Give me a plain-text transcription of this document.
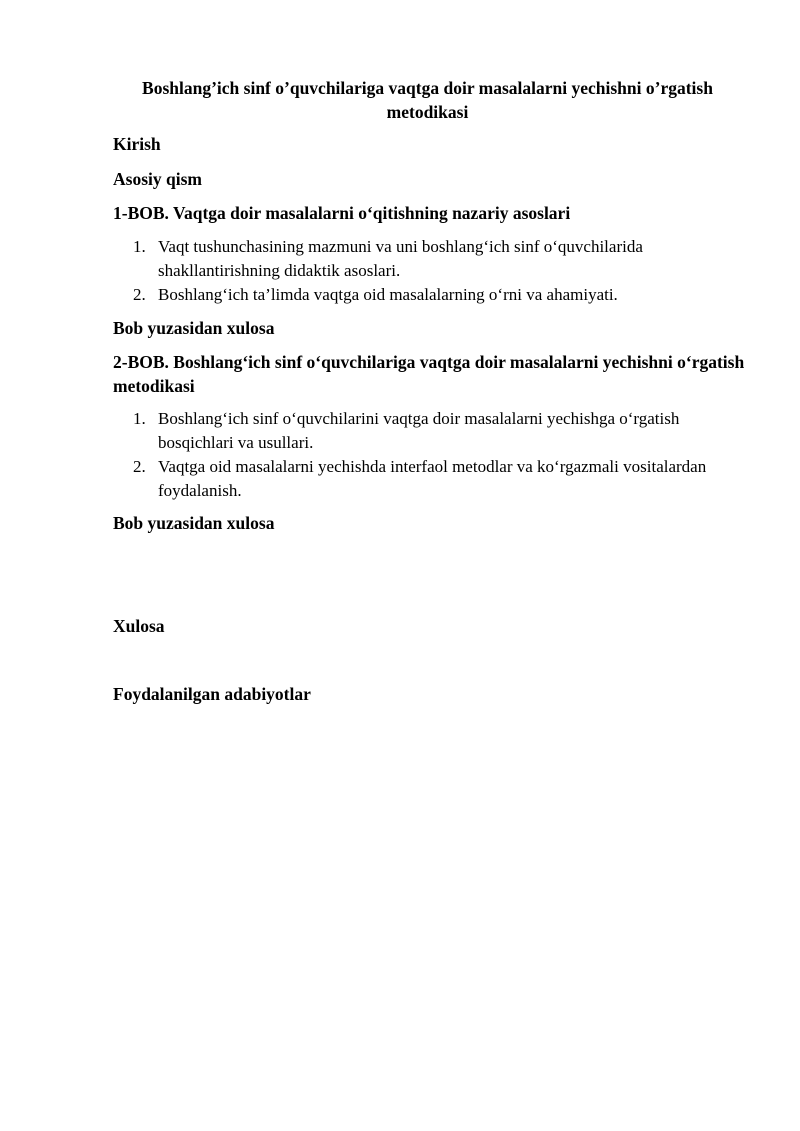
Boshlang’ich sinf o’quvchilariga vaqtga doir masalalarni yechishni o’rgatish metodikasi

Kirish

Asosiy qism

1-BOB. Vaqtga doir masalalarni o‘qitishning nazariy asoslari

1. Vaqt tushunchasining mazmuni va uni boshlang‘ich sinf o‘quvchilarida shakllantirishning didaktik asoslari.
2. Boshlang‘ich ta’limda vaqtga oid masalalarning o‘rni va ahamiyati.

Bob yuzasidan xulosa

2-BOB. Boshlang‘ich sinf o‘quvchilariga vaqtga doir masalalarni yechishni o‘rgatish metodikasi

1. Boshlang‘ich sinf o‘quvchilarini vaqtga doir masalalarni yechishga o‘rgatish bosqichlari va usullari.
2. Vaqtga oid masalalarni yechishda interfaol metodlar va ko‘rgazmali vositalardan foydalanish.

Bob yuzasidan xulosa

Xulosa

Foydalanilgan adabiyotlar
